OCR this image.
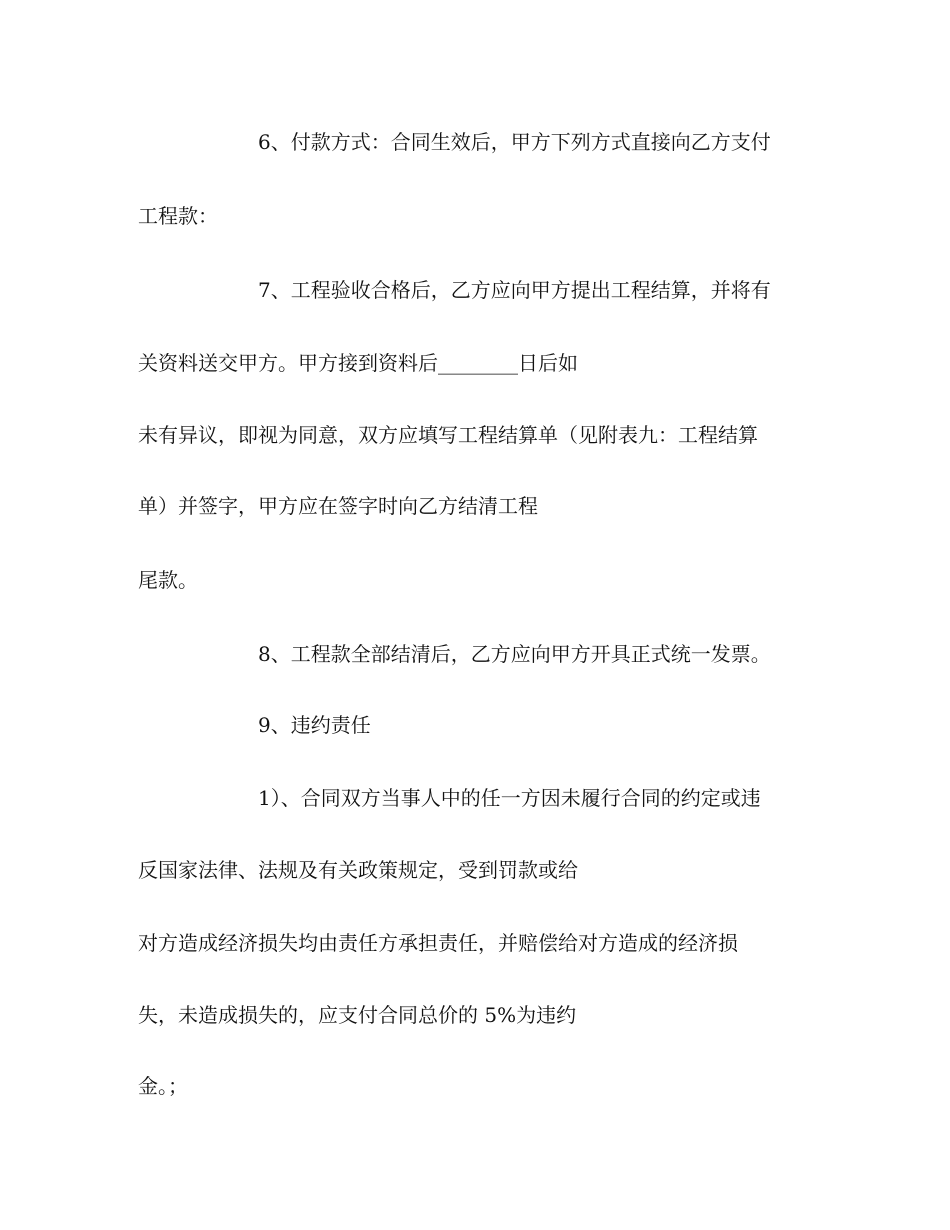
6、付款方式：合同生效后，甲方下列方式直接向乙方支付
工程款：
7、工程验收合格后，乙方应向甲方提出工程结算，并将有
关资料送交甲方。甲方接到资料后________日后如
未有异议，即视为同意，双方应填写工程结算单（见附表九：工程结算
单）并签字，甲方应在签字时向乙方结清工程
尾款。
8、工程款全部结清后，乙方应向甲方开具正式统一发票。
9、违约责任
1）、合同双方当事人中的任一方因未履行合同的约定或违
反国家法律、法规及有关政策规定，受到罚款或给
对方造成经济损失均由责任方承担责任，并赔偿给对方造成的经济损
失，未造成损失的，应支付合同总价的 5%为违约
金。；
